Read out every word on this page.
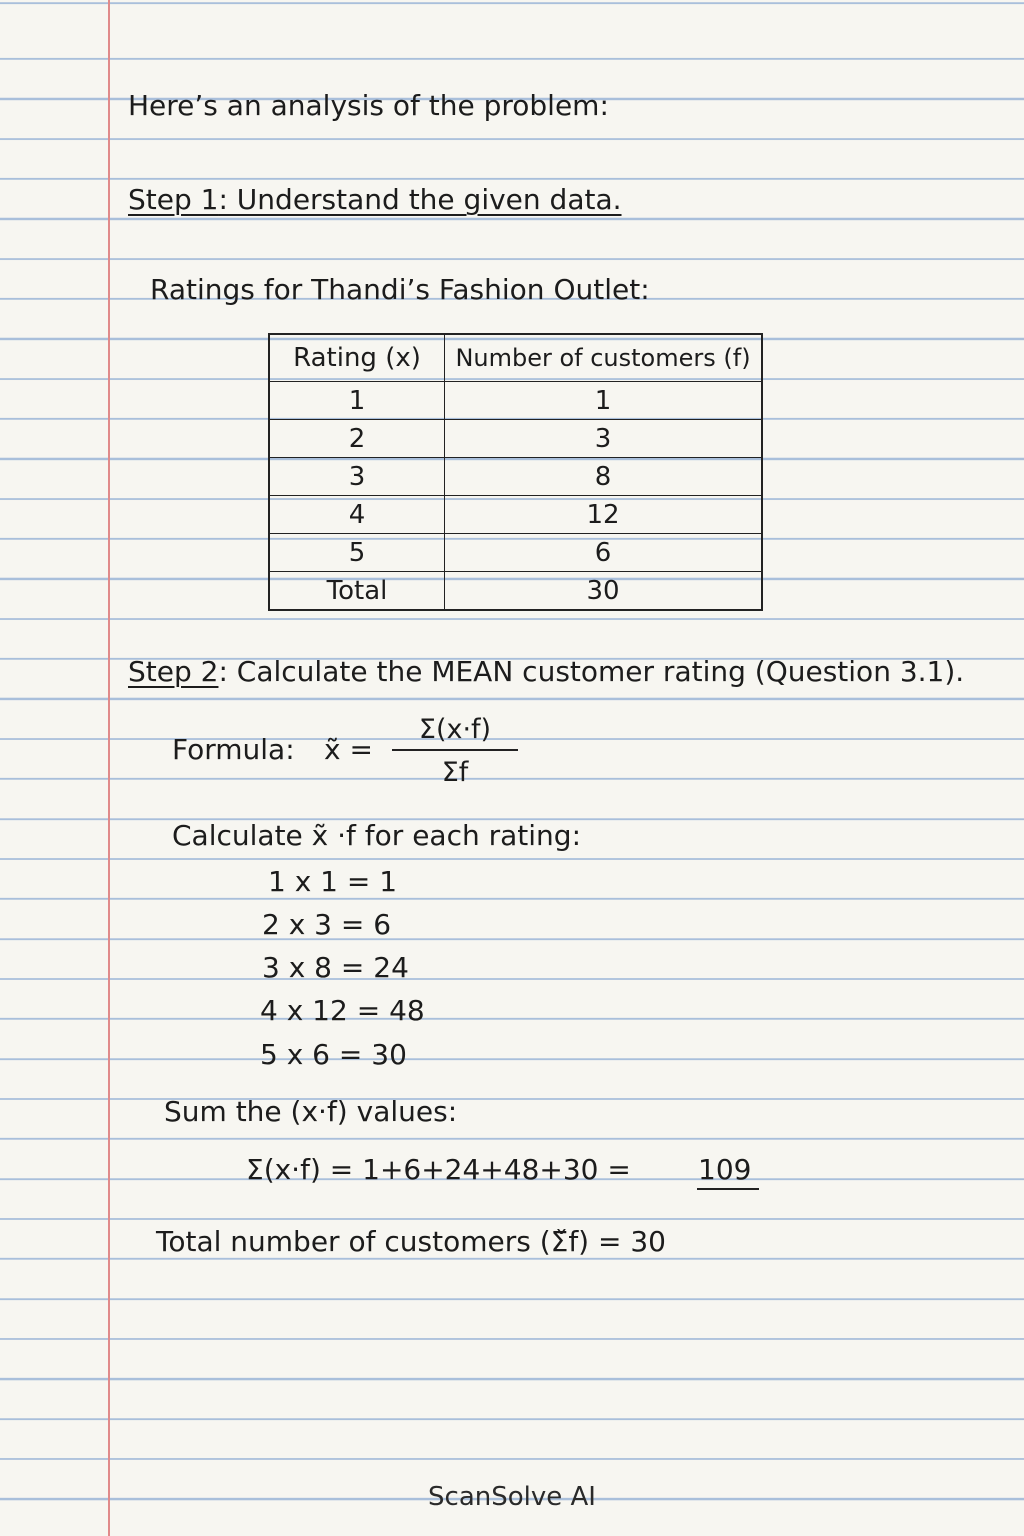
Here’s an analysis of the problem:
Step 1: Understand the given data.
Ratings for Thandi’s Fashion Outlet:
Rating (x)	Number of customers (f)
1	1
2	3
3	8
4	12
5	6
Total	30
Step 2: Calculate the MEAN customer rating (Question 3.1).
Formula: x̃ = $\frac{\Sigma(x\cdot f)}{\Sigma f}$
Calculate x̃ ·f for each rating:
1 x 1 = 1
2 x 3 = 6
3 x 8 = 24
4 x 12 = 48
5 x 6 = 30
Sum the (x·f) values:
Σ(x·f) = 1+6+24+48+30 = 109
Total number of customers (Σ̌f) = 30
ScanSolve AI
